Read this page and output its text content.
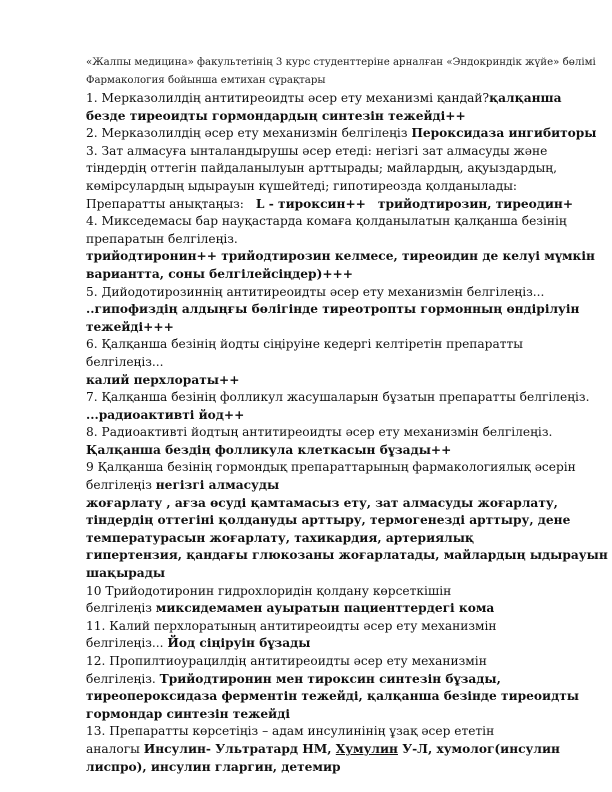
«Жалпы медицина» факультетінің 3 курс студенттеріне арналған «Эндокриндік жүйе» бөлімі
Фармакология бойынша емтихан сұрақтары
1. Мерказолилдің антитиреоидты әсер ету механизмі қандай?қалқанша
безде тиреоидты гормондардың синтезін тежейді++
2. Мерказолилдің әсер ету механизмін белгілеңіз Пероксидаза ингибиторы
3. Зат алмасуға ынталандырушы әсер етеді: негізгі зат алмасуды және
тіндердің оттегін пайдаланылуын арттырады; майлардың, ақуыздардың,
көмірсулардың ыдырауын күшейтеді; гипотиреозда қолданылады:
Препаратты анықтаңыз: L - тироксин++ трийодтирозин, тиреодин+
4. Микседемасы бар науқастарда комаға қолданылатын қалқанша безінің
препаратын белгілеңіз.
трийодтиронин++ трийодтирозин келмесе, тиреоидин де келуі мүмкін
вариантта, соны белгілейсіңдер)+++
5. Дийодотирозиннің антитиреоидты әсер ету механизмін белгілеңіз...
..гипофиздің алдыңғы бөлігінде тиреотропты гормонның өндірілуін
тежейді+++
6. Қалқанша безінің йодты сіңіруіне кедергі келтіретін препаратты
белгілеңіз...
калий перхлораты++
7. Қалқанша безінің фолликул жасушаларын бұзатын препаратты белгілеңіз.
...радиоактивті йод++
8. Радиоактивті йодтың антитиреоидты әсер ету механизмін белгілеңіз.
Қалқанша бездің фолликула клеткасын бұзады++
9 Қалқанша безінің гормондық препараттарының фармакологиялық әсерін
белгілеңіз негізгі алмасуды
жоғарлату , ағза өсуді қамтамасыз ету, зат алмасуды жоғарлату,
тіндердің оттегіні қолдануды арттыру, термогенезді арттыру, дене
температурасын жоғарлату, тахикардия, артериялық
гипертензия, қандағы глюкозаны жоғарлатады, майлардың ыдырауын
шақырады
10 Трийодотиронин гидрохлоридін қолдану көрсеткішін
белгілеңіз миксидемамен ауыратын пациенттердегі кома
11. Калий перхлоратының антитиреоидты әсер ету механизмін
белгілеңіз... Йод сіңіруін бұзады
12. Пропилтиоурацилдің антитиреоидты әсер ету механизмін
белгілеңіз. Трийодтиронин мен тироксин синтезін бұзады,
тиреопероксидаза ферментін тежейді, қалқанша безінде тиреоидты
гормондар синтезін тежейді
13. Препаратты көрсетіңіз – адам инсулинінің ұзақ әсер ететін
аналогы Инсулин- Ультратард НМ, Хумулин У-Л, хумолог(инсулин
лиспро), инсулин гларгин, детемир
